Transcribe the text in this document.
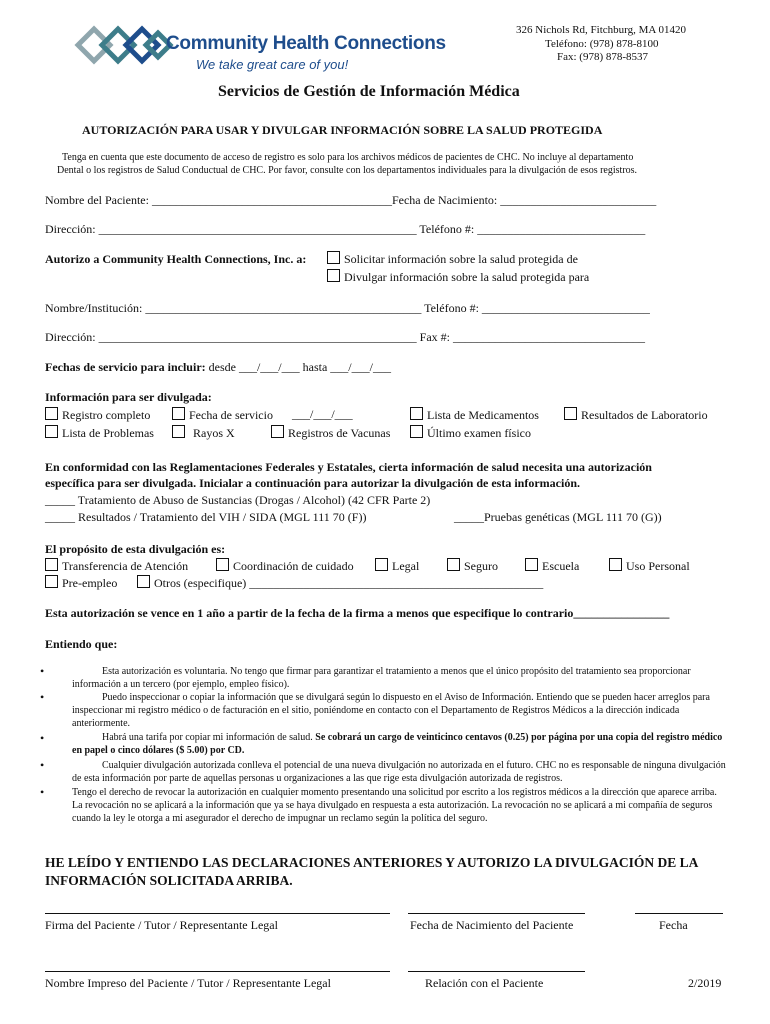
Community Health Connections
We take great care of you!
326 Nichols Rd, Fitchburg, MA 01420
Teléfono: (978) 878-8100
Fax: (978) 878-8537
Servicios de Gestión de Información Médica
AUTORIZACIÓN PARA USAR Y DIVULGAR INFORMACIÓN SOBRE LA SALUD PROTEGIDA
Tenga en cuenta que este documento de acceso de registro es solo para los archivos médicos de pacientes de CHC. No incluye al departamento
Dental o los registros de Salud Conductual de CHC. Por favor, consulte con los departamentos individuales para la divulgación de esos registros.
Nombre del Paciente: ________________________________________Fecha de Nacimiento: __________________________
Dirección: _____________________________________________________ Teléfono #: ____________________________
Autorizo a Community Health Connections, Inc. a:	Solicitar información sobre la salud protegida de
Divulgar información sobre la salud protegida para
Nombre/Institución: ______________________________________________ Teléfono #: ____________________________
Dirección: _____________________________________________________ Fax #: ________________________________
Fechas de servicio para incluir: desde ___/___/___ hasta ___/___/___
Información para ser divulgada:
Registro completo	Fecha de servicio ___/___/___	Lista de Medicamentos	Resultados de Laboratorio
Lista de Problemas	Rayos X	Registros de Vacunas	Último examen físico
En conformidad con las Reglamentaciones Federales y Estatales, cierta información de salud necesita una autorización
específica para ser divulgada. Inicialar a continuación para autorizar la divulgación de esta información.
_____ Tratamiento de Abuso de Sustancias (Drogas / Alcohol) (42 CFR Parte 2)
_____ Resultados / Tratamiento del VIH / SIDA (MGL 111 70 (F))	_____Pruebas genéticas (MGL 111 70 (G))
El propósito de esta divulgación es:
Transferencia de Atención	Coordinación de cuidado	Legal	Seguro	Escuela	Uso Personal
Pre-empleo	Otros (especifique) _________________________________________________
Esta autorización se vence en 1 año a partir de la fecha de la firma a menos que especifique lo contrario________________
Entiendo que:
•	Esta autorización es voluntaria. No tengo que firmar para garantizar el tratamiento a menos que el único propósito del tratamiento sea proporcionar información a un tercero (por ejemplo, empleo físico).
•	Puedo inspeccionar o copiar la información que se divulgará según lo dispuesto en el Aviso de Información. Entiendo que se pueden hacer arreglos para inspeccionar mi registro médico o de facturación en el sitio, poniéndome en contacto con el Departamento de Registros Médicos a la dirección indicada anteriormente.
•	Habrá una tarifa por copiar mi información de salud. Se cobrará un cargo de veinticinco centavos (0.25) por página por una copia del registro médico en papel o cinco dólares ($ 5.00) por CD.
•	Cualquier divulgación autorizada conlleva el potencial de una nueva divulgación no autorizada en el futuro. CHC no es responsable de ninguna divulgación de esta información por parte de aquellas personas u organizaciones a las que rige esta divulgación autorizada de registros.
•	Tengo el derecho de revocar la autorización en cualquier momento presentando una solicitud por escrito a los registros médicos a la dirección que aparece arriba. La revocación no se aplicará a la información que ya se haya divulgado en respuesta a esta autorización. La revocación no se aplicará a mi compañía de seguros cuando la ley le otorga a mi asegurador el derecho de impugnar un reclamo según la política del seguro.
HE LEÍDO Y ENTIENDO LAS DECLARACIONES ANTERIORES Y AUTORIZO LA DIVULGACIÓN DE LA
INFORMACIÓN SOLICITADA ARRIBA.
Firma del Paciente / Tutor / Representante Legal	Fecha de Nacimiento del Paciente	Fecha
Nombre Impreso del Paciente / Tutor / Representante Legal	Relación con el Paciente	2/2019
